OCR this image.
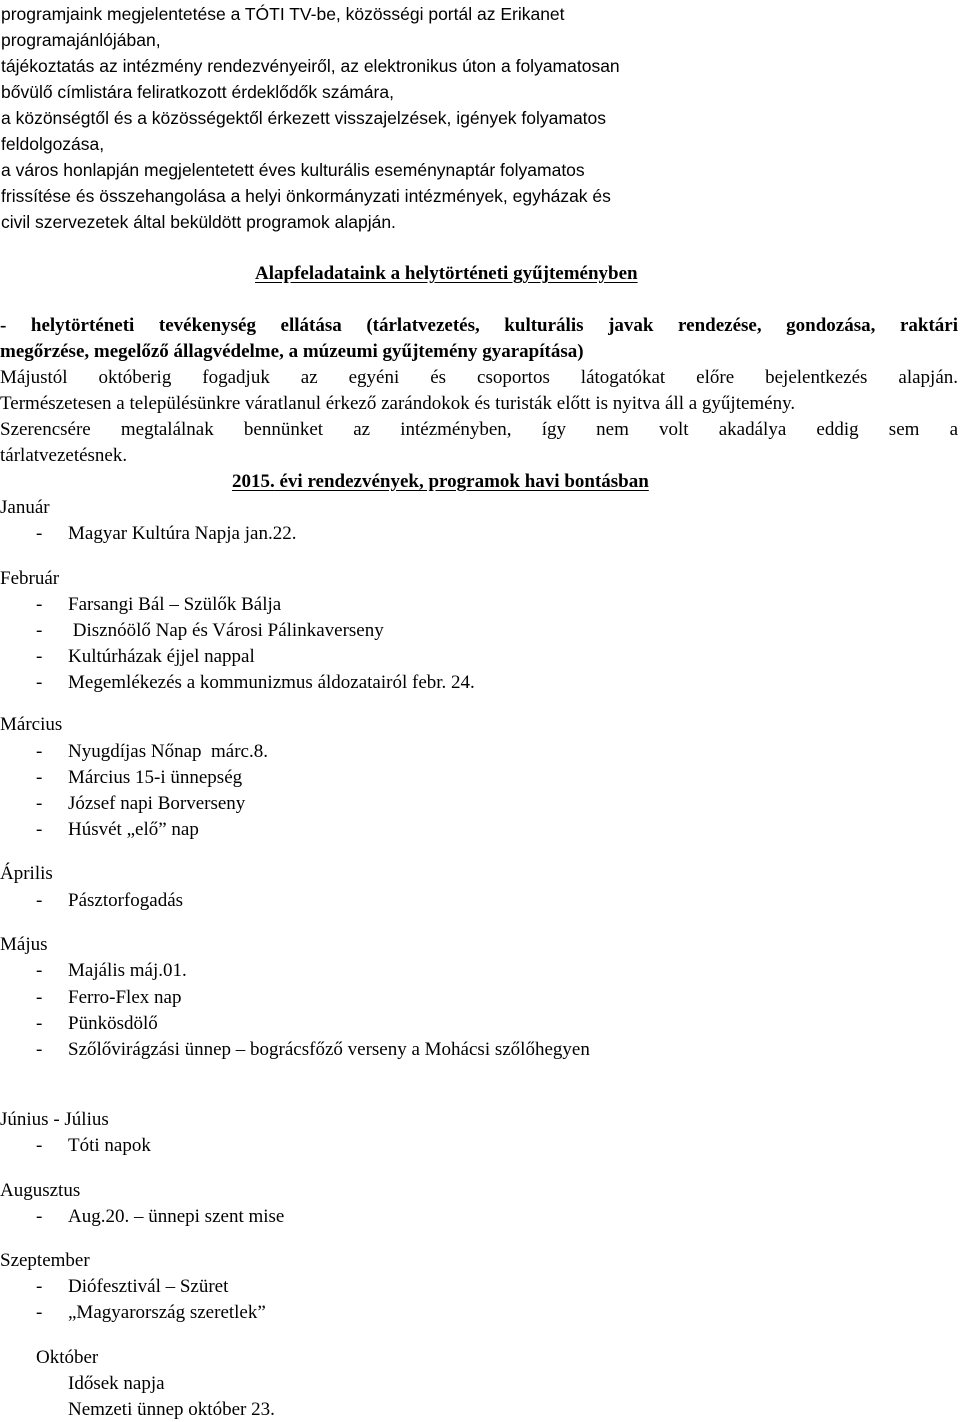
programjaink megjelentetése a TÓTI TV-be, közösségi portál az Erikanet
programajánlójában,
tájékoztatás az intézmény rendezvényeiről, az elektronikus úton a folyamatosan
bővülő címlistára feliratkozott érdeklődők számára,
a közönségtől és a közösségektől érkezett visszajelzések, igények folyamatos
feldolgozása,
a város honlapján megjelentetett éves kulturális eseménynaptár folyamatos
frissítése és összehangolása a helyi önkormányzati intézmények, egyházak és
civil szervezetek által beküldött programok alapján.
Alapfeladataink a helytörténeti gyűjteményben
- helytörténeti tevékenység ellátása (tárlatvezetés, kulturális javak rendezése, gondozása, raktári
megőrzése, megelőző állagvédelme, a múzeumi gyűjtemény gyarapítása)
Májustól októberig fogadjuk az egyéni és csoportos látogatókat előre bejelentkezés alapján.
Természetesen a településünkre váratlanul érkező zarándokok és turisták előtt is nyitva áll a gyűjtemény.
Szerencsére megtalálnak bennünket az intézményben, így nem volt akadálya eddig sem a
tárlatvezetésnek.
2015. évi rendezvények, programok havi bontásban
Január
- Magyar Kultúra Napja jan.22.
Február
- Farsangi Bál – Szülők Bálja
- Disznóölő Nap és Városi Pálinkaverseny
- Kultúrházak éjjel nappal
- Megemlékezés a kommunizmus áldozatairól febr. 24.
Március
- Nyugdíjas Nőnap  márc.8.
- Március 15-i ünnepség
- József napi Borverseny
- Húsvét „elő” nap
Április
- Pásztorfogadás
Május
- Majális máj.01.
- Ferro-Flex nap
- Pünkösdölő
- Szőlővirágzási ünnep – bográcsfőző verseny a Mohácsi szőlőhegyen
Június - Július
- Tóti napok
Augusztus
- Aug.20. – ünnepi szent mise
Szeptember
- Diófesztivál – Szüret
- „Magyarország szeretlek”
Október
Idősek napja
Nemzeti ünnep október 23.
